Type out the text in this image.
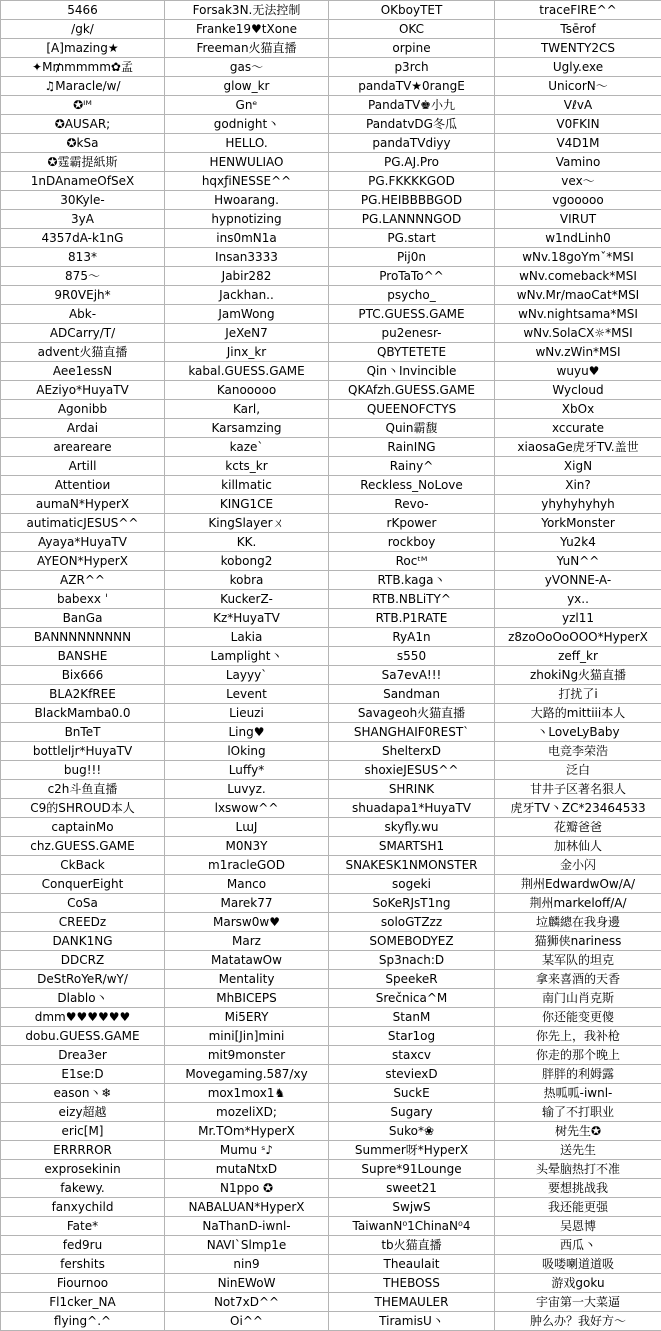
5466	Forsak3N.无法控制	OKboyTET	traceFIRE^^
/gk/	Franke19♥tXone	OKC	Tsērof
[A]mazing★	Freeman火猫直播	orpine	TWENTY2CS
✦M₥mmmm✿孟	gas～	p3rch	Ugly.exe
♫Maracle/w/	glow_kr	pandaTV★0rangE	UnicorN～
✪ᴵᴹ	Gnᵉ	PandaTV♚小九	VℓvA
✪AUSAR;	godnight丶	PandatvDG冬瓜	V0FKIN
✪kSa	HELLO.	pandaTVdiyy	V4D1M
✪霆霸提紙斯	HENWULIAO	PG.AJ.Pro	Vamino
1nDAnameOfSeX	hqxƒiNESSE^^	PG.FKKKKGOD	vex～
30Kyle-	Hwoarang.	PG.HEIBBBBGOD	vgooooo
3yA	hypnotizing	PG.LANNNNGOD	VIRUT
4357dA-k1nG	ins0mN1a	PG.start	w1ndLinh0
813*	Insan3333	Pij0n	wNv.18goYmˇ*MSI
875～	Jabir282	ProTaTo^^	wNv.comeback*MSI
9R0VEjh*	Jackhan..	psycho_	wNv.Mr/maoCat*MSI
Abk-	JamWong	PTC.GUESS.GAME	wNv.nightsama*MSI
ADCarry/T/	JeXeN7	pu2enesr-	wNv.SolaCX☼*MSI
advent火猫直播	Jinx_kr	QBYTETETE	wNv.zWin*MSI
Aee1essN	kabal.GUESS.GAME	Qin丶Invincible	wuyu♥
AEziyo*HuyaTV	Kanooooo	QKAfzh.GUESS.GAME	Wycloud
Agonibb	Karl,	QUEENOFCTYS	XbOx
Ardai	Karsamzing	Quin霸馥	xccurate
areareare	kaze`	RainING	xiaosaGe虎牙TV.盖世
Artill	kcts_kr	Rainy^	XigN
Attentioи	killmatic	Reckless_NoLove	Xin?
aumaN*HyperX	KING1CE	Revo-	yhyhyhyhyh
autimaticJESUS^^	KingSlayerㄨ	rKpower	YorkMonster
Ayaya*HuyaTV	KK.	rockboy	Yu2k4
AYEON*HyperX	kobong2	Rocᵗᴹ	YuN^^
AZR^^	kobra	RTB.kaga丶	yVONNE-A-
babexx ˈ	KuckerZ-	RTB.NBLiTY^	yx..
BanGa	Kz*HuyaTV	RTB.P1RATE	yzl11
BANNNNNNNNN	Lakia	RyA1n	z8zoOoOoOOO*HyperX
BANSHE	Lamplight丶	s550	zeff_kr
Bix666	Layyy`	Sa7evA!!!	zhokiNg火猫直播
BLA2KfREE	Levent	Sandman	打扰了i
BlackMamba0.0	Lieuzi	Savageoh火猫直播	大路的mittiii本人
BnTeT	Ling♥	SHANGHAIF0REST`	丶LoveLyBaby
bottleljr*HuyaTV	lOking	ShelterxD	电竞李荣浩
bug!!!	Luffy*	shoxieJESUS^^	泛白
c2h斗鱼直播	Luvyz.	SHRINK	甘井子区著名狠人
C9的SHROUD本人	lxswow^^	shuadapa1*HuyaTV	虎牙TV丶ZC*23464533
captainMo	LɯJ	skyfly.wu	花瓣爸爸
chz.GUESS.GAME	M0N3Y	SMARTSH1	加林仙人
CkBack	m1racleGOD	SNAKESK1NMONSTER	金小闪
ConquerEight	Manco	sogeki	荆州EdwardwOw/A/
CoSa	Marek77	SoKeRJsT1ng	荆州markeloff/A/
CREEDz	Marsw0w♥	soloGTZzz	垃麟總在我身邊
DANK1NG	Marz	SOMEBODYEZ	猫狮侠nariness
DDCRZ	MatatawOw	Sp3nach:D	某军队的坦克
DeStRoYeR/wY/	Mentality	SpeekeR	拿来喜酒的天香
Dlablo丶	MhBICEPS	Srečnica^M	南门山肖克斯
dmm♥♥♥♥♥♥	Mi5ERY	StanM	你还能变更傻
dobu.GUESS.GAME	mini[Jin]mini	Star1og	你先上，我补枪
Drea3er	mit9monster	staxcv	你走的那个晚上
E1se:D	Movegaming.587/xy	steviexD	胖胖的利姆露
eason丶❄	mox1mox1♞	SuckE	热呱呱-iwnl-
eizy超越	mozeliXD;	Sugary	输了不打职业
eric[M]	Mr.TOm*HyperX	Suko*❀	树先生✪
ERRRROR	Mumu ˢ♪	Summer呀*HyperX	送先生
exprosekinin	mutaNtxD	Supre*91Lounge	头晕脑热打不准
fakewy.	N1ppo ✪	sweet21	要想挑战我
fanxychild	NABALUAN*HyperX	SwjwS	我还能更强
Fate*	NaThanD-iwnl-	TaiwanN⁰1ChinaN⁰4	吴恩博
fed9ru	NAVI`Slmp1e	tb火猫直播	西瓜丶
fershits	nin9	Theaulait	吸喽喇道道吸
Fiournoo	NinEWoW	THEBOSS	游戏goku
Fl1cker_NA	Not7xD^^	THEMAULER	宇宙第一大菜逼
flying^.^	Oi^^	TiramisU丶	肿么办？我好方～
